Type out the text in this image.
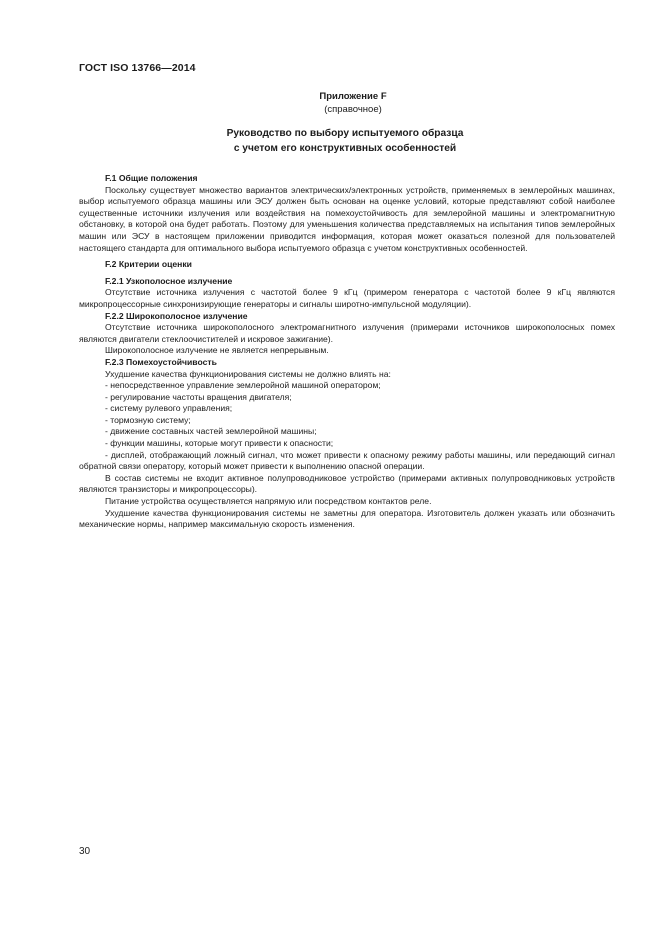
ГОСТ ISO 13766—2014
Приложение F
(справочное)
Руководство по выбору испытуемого образца
с учетом его конструктивных особенностей

F.1 Общие положения

Поскольку существует множество вариантов электрических/электронных устройств, применяемых в землеройных машинах, выбор испытуемого образца машины или ЭСУ должен быть основан на оценке условий, которые представляют собой наиболее существенные источники излучения или воздействия на помехоустойчивость для землеройной машины и электромагнитную обстановку, в которой она будет работать. Поэтому для уменьшения количества представляемых на испытания типов землеройных машин или ЭСУ в настоящем приложении приводится информация, которая может оказаться полезной для пользователей настоящего стандарта для оптимального выбора испытуемого образца с учетом конструктивных особенностей.

F.2 Критерии оценки

F.2.1 Узкополосное излучение

Отсутствие источника излучения с частотой более 9 кГц (примером генератора с частотой более 9 кГц являются микропроцессорные синхронизирующие генераторы и сигналы широтно-импульсной модуляции).

F.2.2 Широкополосное излучение

Отсутствие источника широкополосного электромагнитного излучения (примерами источников широкополосных помех являются двигатели стеклоочистителей и искровое зажигание).

Широкополосное излучение не является непрерывным.

F.2.3 Помехоустойчивость

Ухудшение качества функционирования системы не должно влиять на:

- непосредственное управление землеройной машиной оператором;

- регулирование частоты вращения двигателя;

- систему рулевого управления;

- тормозную систему;

- движение составных частей землеройной машины;

- функции машины, которые могут привести к опасности;

- дисплей, отображающий ложный сигнал, что может привести к опасному режиму работы машины, или передающий сигнал обратной связи оператору, который может привести к выполнению опасной операции.

В состав системы не входит активное полупроводниковое устройство (примерами активных полупроводниковых устройств являются транзисторы и микропроцессоры).

Питание устройства осуществляется напрямую или посредством контактов реле.

Ухудшение качества функционирования системы не заметны для оператора. Изготовитель должен указать или обозначить механические нормы, например максимальную скорость изменения.

30
